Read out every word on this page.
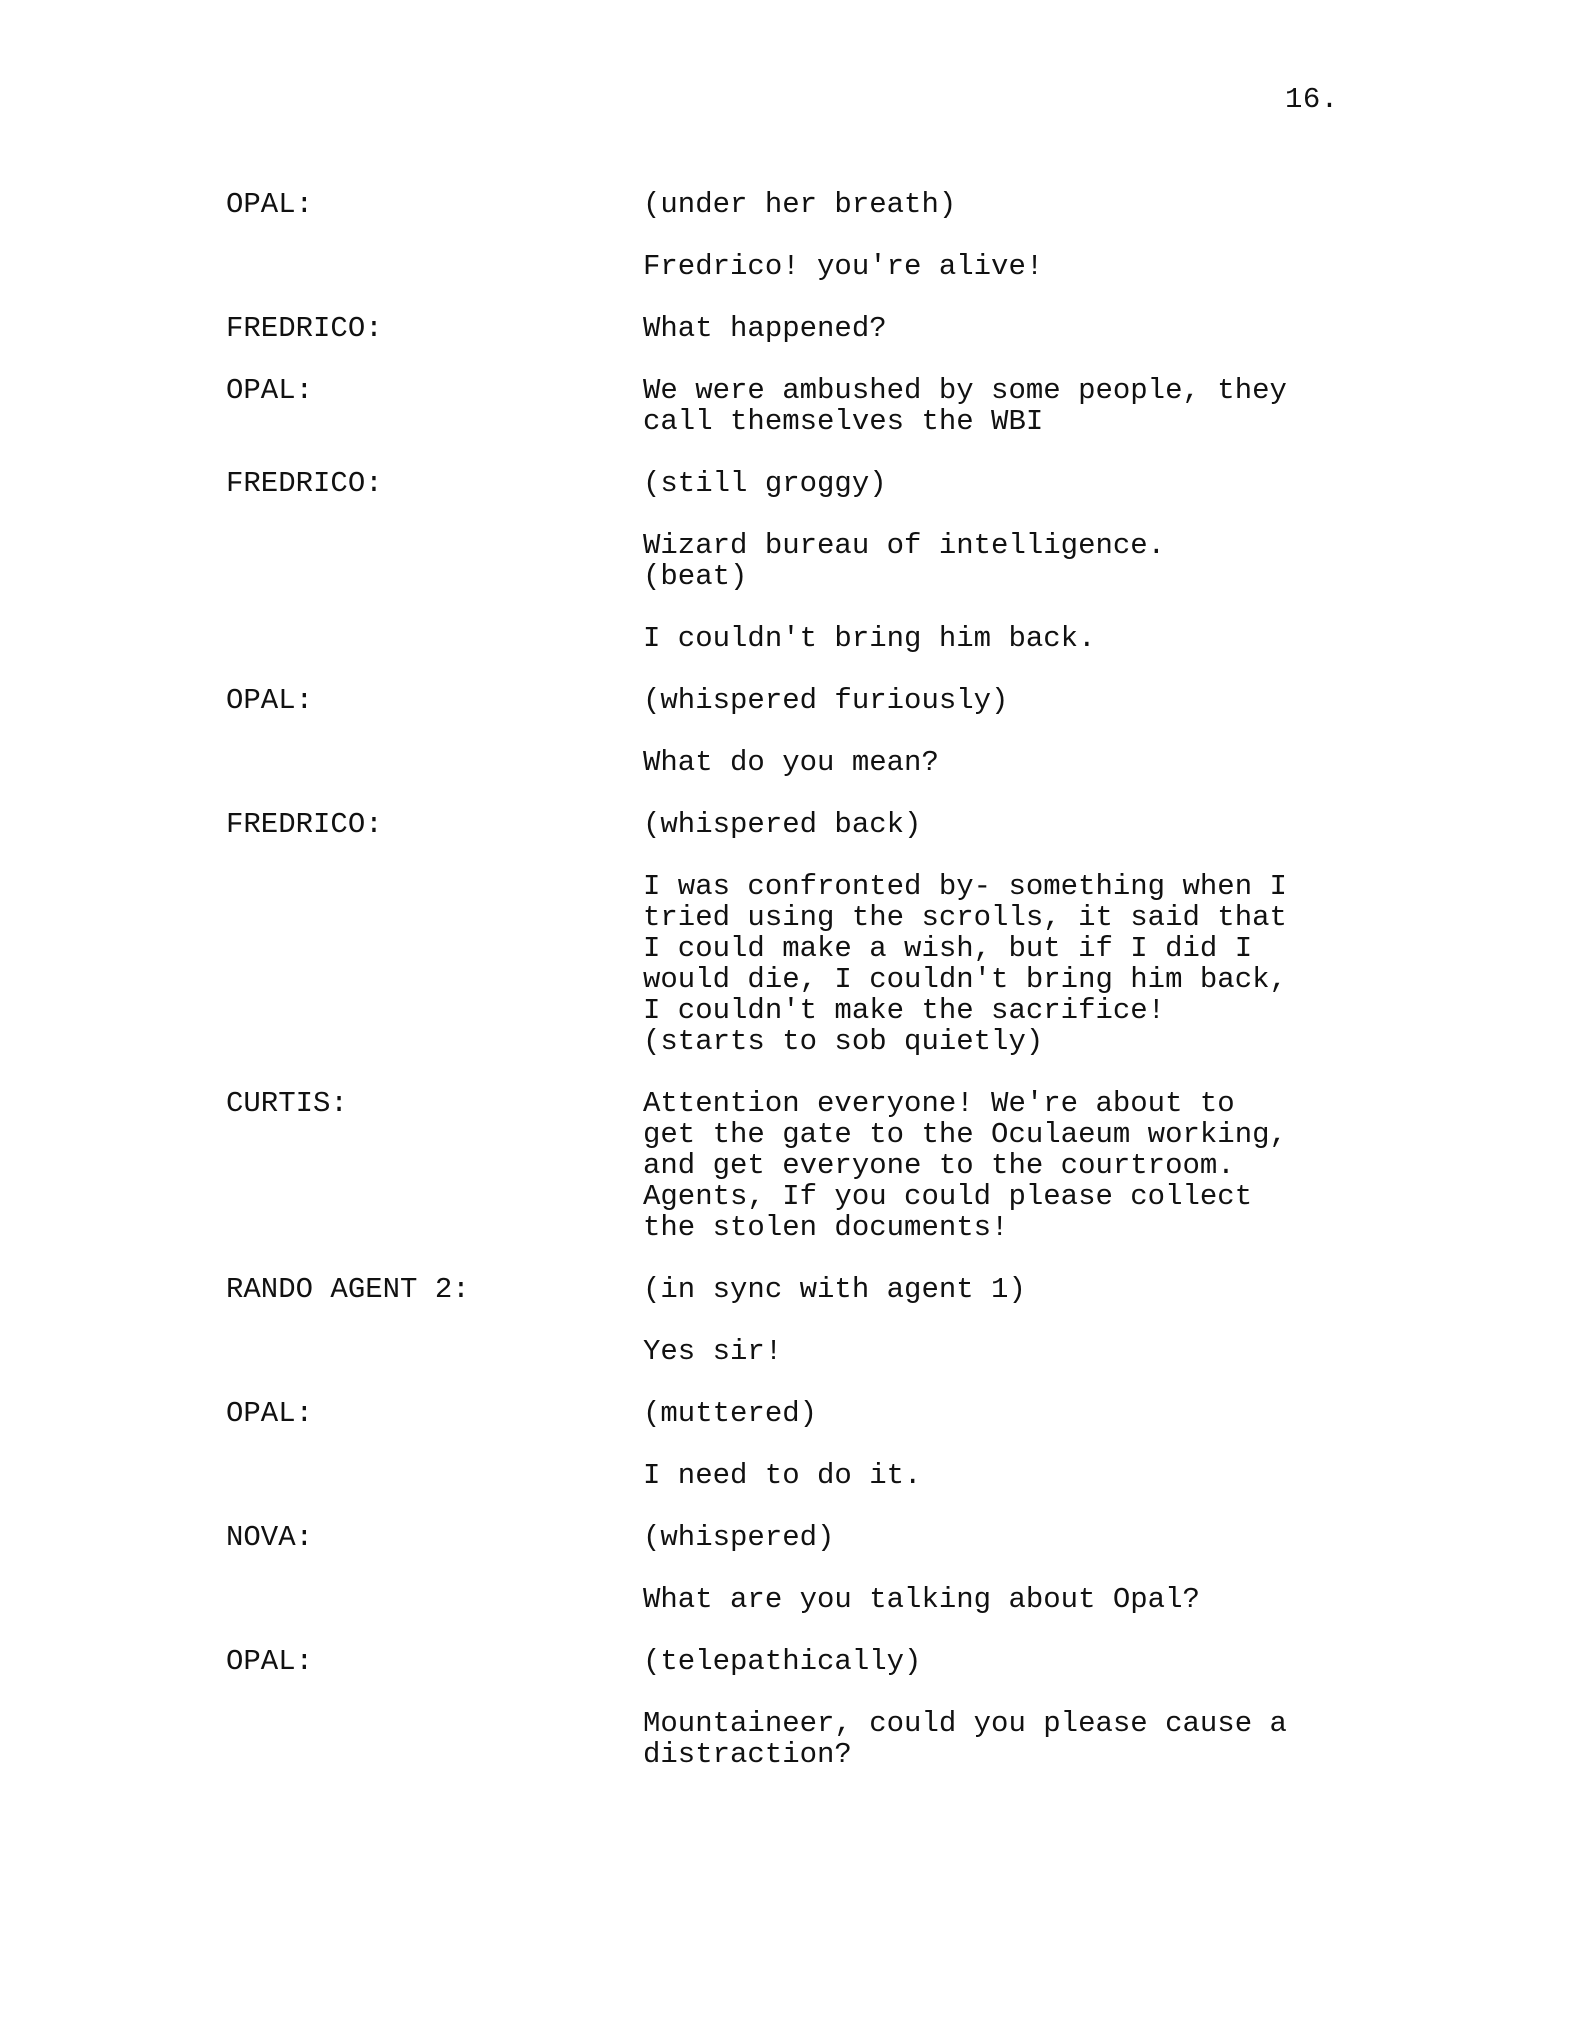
16.
OPAL:	(under her breath)
Fredrico! you're alive!
FREDRICO:	What happened?
OPAL:	We were ambushed by some people, they
call themselves the WBI
FREDRICO:	(still groggy)
Wizard bureau of intelligence.
(beat)
I couldn't bring him back.
OPAL:	(whispered furiously)
What do you mean?
FREDRICO:	(whispered back)
I was confronted by- something when I
tried using the scrolls, it said that
I could make a wish, but if I did I
would die, I couldn't bring him back,
I couldn't make the sacrifice!
(starts to sob quietly)
CURTIS:	Attention everyone! We're about to
get the gate to the Oculaeum working,
and get everyone to the courtroom.
Agents, If you could please collect
the stolen documents!
RANDO AGENT 2:	(in sync with agent 1)
Yes sir!
OPAL:	(muttered)
I need to do it.
NOVA:	(whispered)
What are you talking about Opal?
OPAL:	(telepathically)
Mountaineer, could you please cause a
distraction?
